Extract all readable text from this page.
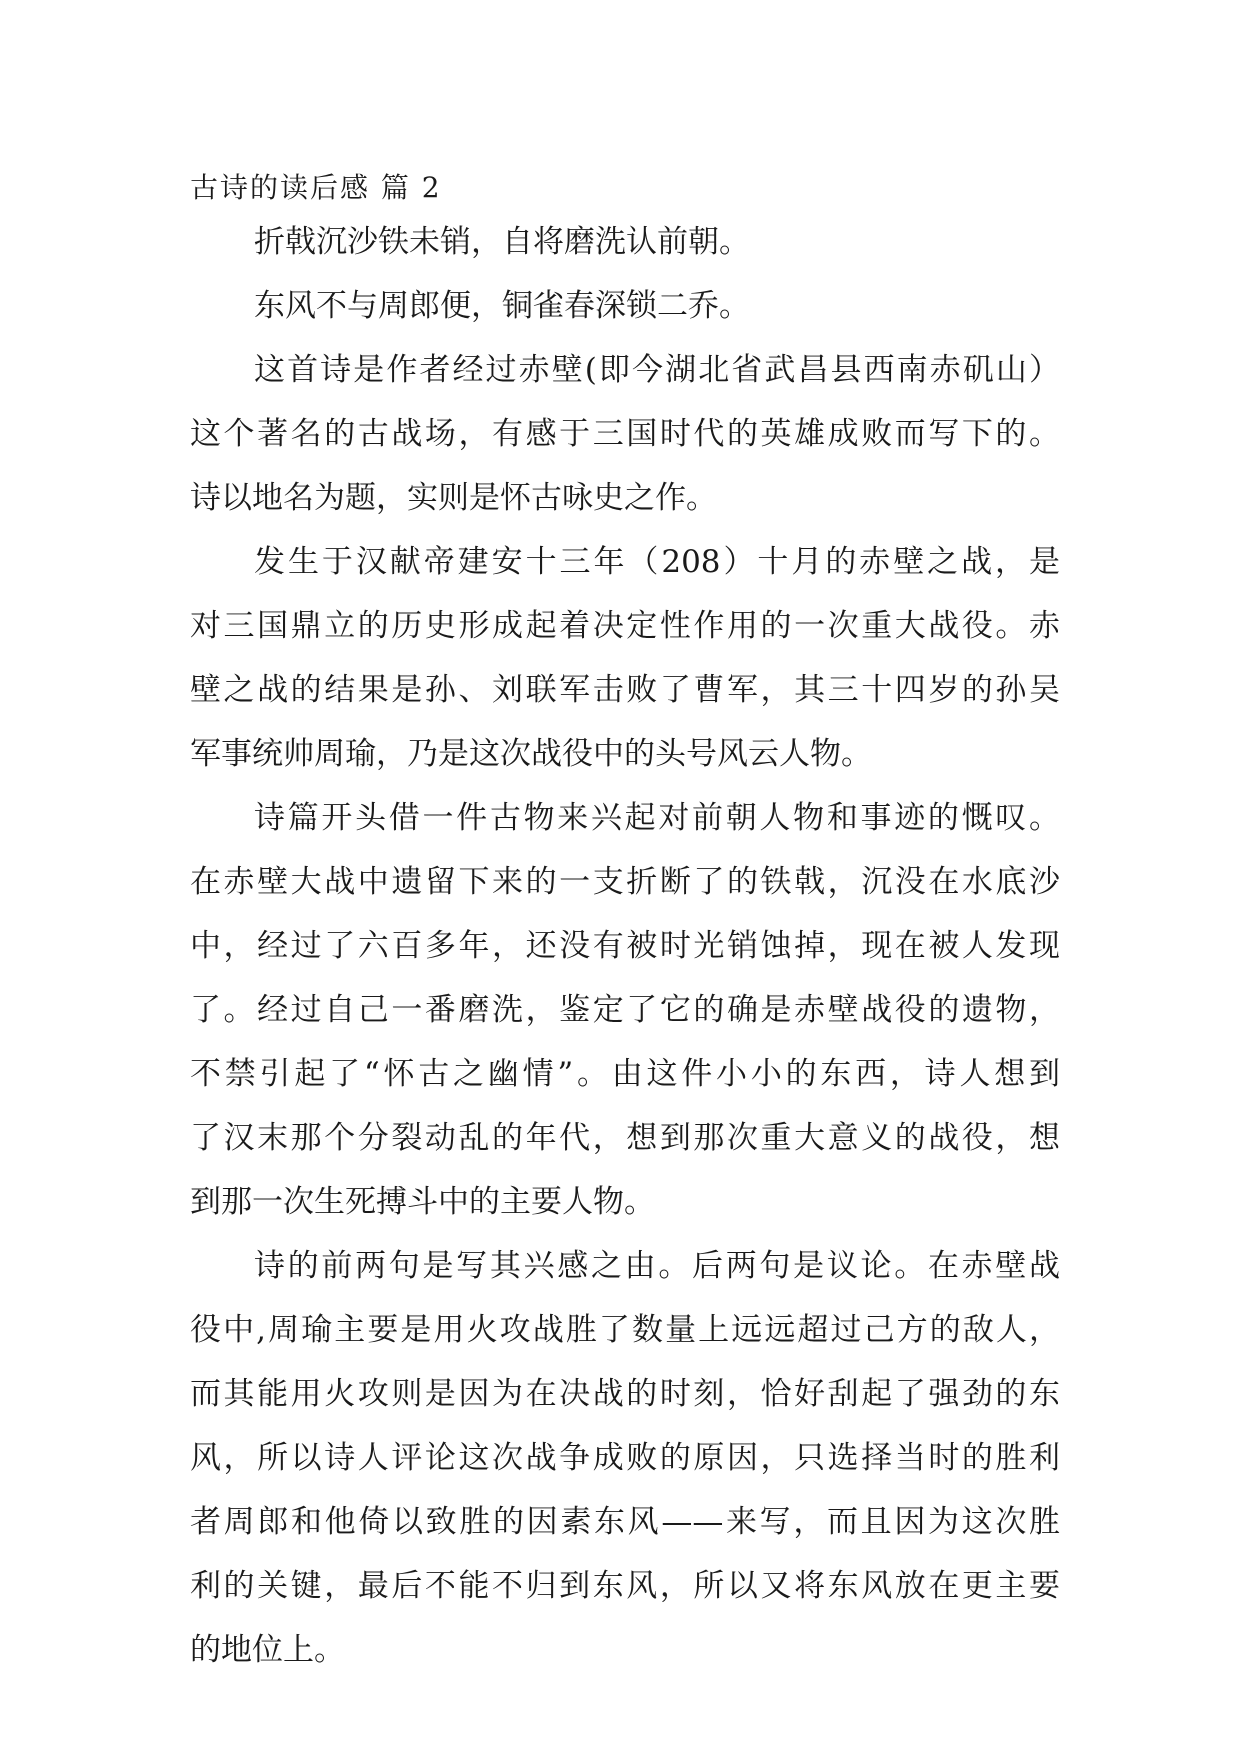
古诗的读后感 篇 2
折戟沉沙铁未销，自将磨洗认前朝。
东风不与周郎便，铜雀春深锁二乔。
这首诗是作者经过赤壁(即今湖北省武昌县西南赤矶山）
这个著名的古战场，有感于三国时代的英雄成败而写下的。
诗以地名为题，实则是怀古咏史之作。
发生于汉献帝建安十三年（208）十月的赤壁之战，是
对三国鼎立的历史形成起着决定性作用的一次重大战役。赤
壁之战的结果是孙、刘联军击败了曹军，其三十四岁的孙吴
军事统帅周瑜，乃是这次战役中的头号风云人物。
诗篇开头借一件古物来兴起对前朝人物和事迹的慨叹。
在赤壁大战中遗留下来的一支折断了的铁戟，沉没在水底沙
中，经过了六百多年，还没有被时光销蚀掉，现在被人发现
了。经过自己一番磨洗，鉴定了它的确是赤壁战役的遗物，
不禁引起了“怀古之幽情”。由这件小小的东西，诗人想到
了汉末那个分裂动乱的年代，想到那次重大意义的战役，想
到那一次生死搏斗中的主要人物。
诗的前两句是写其兴感之由。后两句是议论。在赤壁战
役中,周瑜主要是用火攻战胜了数量上远远超过己方的敌人，
而其能用火攻则是因为在决战的时刻，恰好刮起了强劲的东
风，所以诗人评论这次战争成败的原因，只选择当时的胜利
者周郎和他倚以致胜的因素东风——来写，而且因为这次胜
利的关键，最后不能不归到东风，所以又将东风放在更主要
的地位上。
